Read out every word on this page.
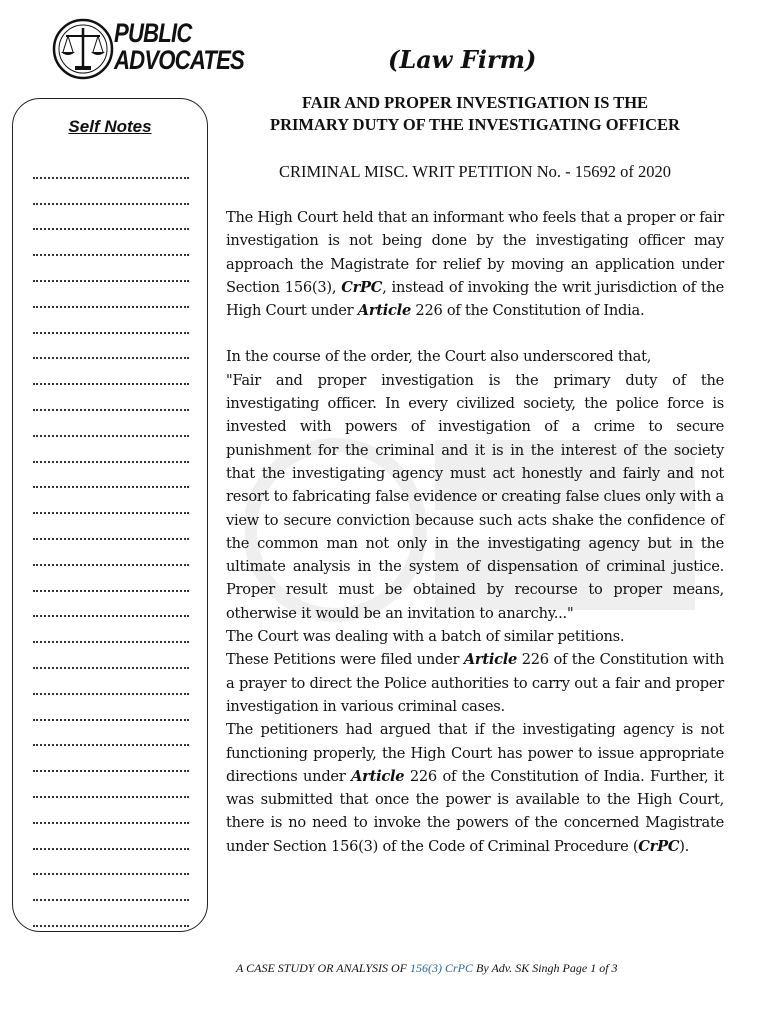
PUBLIC
ADVOCATES	(Law Firm)
Self Notes
FAIR AND PROPER INVESTIGATION IS THE
PRIMARY DUTY OF THE INVESTIGATING OFFICER
CRIMINAL MISC. WRIT PETITION No. - 15692 of 2020

The High Court held that an informant who feels that a proper or fair investigation is not being done by the investigating officer may approach the Magistrate for relief by moving an application under Section 156(3), CrPC, instead of invoking the writ jurisdiction of the High Court under Article 226 of the Constitution of India.

In the course of the order, the Court also underscored that,

"Fair and proper investigation is the primary duty of the investigating officer. In every civilized society, the police force is invested with powers of investigation of a crime to secure punishment for the criminal and it is in the interest of the society that the investigating agency must act honestly and fairly and not resort to fabricating false evidence or creating false clues only with a view to secure conviction because such acts shake the confidence of the common man not only in the investigating agency but in the ultimate analysis in the system of dispensation of criminal justice. Proper result must be obtained by recourse to proper means, otherwise it would be an invitation to anarchy..."

The Court was dealing with a batch of similar petitions.

These Petitions were filed under Article 226 of the Constitution with a prayer to direct the Police authorities to carry out a fair and proper investigation in various criminal cases.

The petitioners had argued that if the investigating agency is not functioning properly, the High Court has power to issue appropriate directions under Article 226 of the Constitution of India. Further, it was submitted that once the power is available to the High Court, there is no need to invoke the powers of the concerned Magistrate under Section 156(3) of the Code of Criminal Procedure (CrPC).

A CASE STUDY OR ANALYSIS OF 156(3) CrPC By Adv. SK Singh Page 1 of 3
